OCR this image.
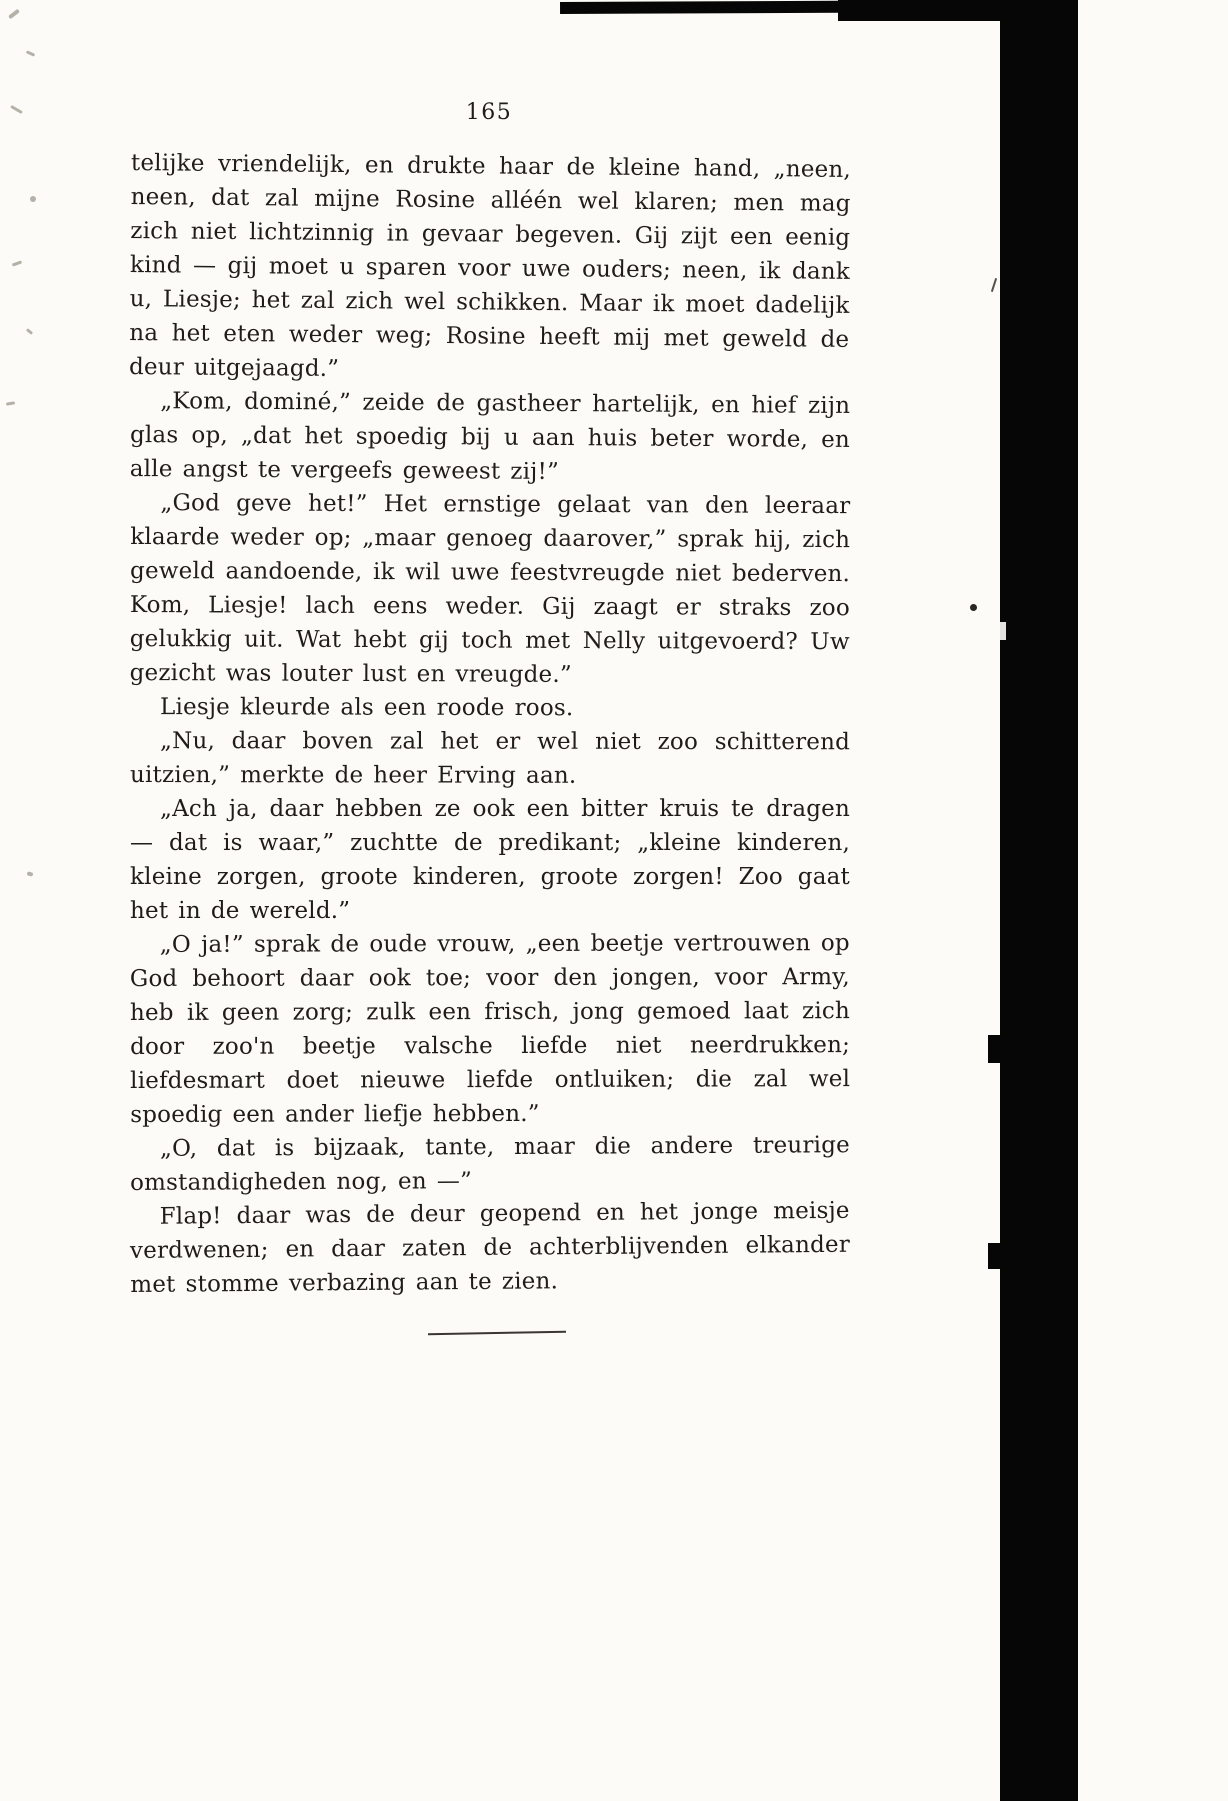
165

telijke vriendelijk, en drukte haar de kleine hand, „neen, neen, dat zal mijne Rosine alléén wel klaren; men mag zich niet lichtzinnig in gevaar begeven. Gij zijt een eenig kind — gij moet u sparen voor uwe ouders; neen, ik dank u, Liesje; het zal zich wel schikken. Maar ik moet dadelijk na het eten weder weg; Rosine heeft mij met geweld de deur uitgejaagd.”

„Kom, dominé,” zeide de gastheer hartelijk, en hief zijn glas op, „dat het spoedig bij u aan huis beter worde, en alle angst te vergeefs geweest zij!”

„God geve het!” Het ernstige gelaat van den leeraar klaarde weder op; „maar genoeg daarover,” sprak hij, zich geweld aandoende, ik wil uwe feestvreugde niet bederven. Kom, Liesje! lach eens weder. Gij zaagt er straks zoo gelukkig uit. Wat hebt gij toch met Nelly uitgevoerd? Uw gezicht was louter lust en vreugde.”

Liesje kleurde als een roode roos.

„Nu, daar boven zal het er wel niet zoo schitterend uitzien,” merkte de heer Erving aan.

„Ach ja, daar hebben ze ook een bitter kruis te dragen — dat is waar,” zuchtte de predikant; „kleine kinderen, kleine zorgen, groote kinderen, groote zorgen! Zoo gaat het in de wereld.”

„O ja!” sprak de oude vrouw, „een beetje vertrouwen op God behoort daar ook toe; voor den jongen, voor Army, heb ik geen zorg; zulk een frisch, jong gemoed laat zich door zoo'n beetje valsche liefde niet neerdrukken; liefdesmart doet nieuwe liefde ontluiken; die zal wel spoedig een ander liefje hebben.”

„O, dat is bijzaak, tante, maar die andere treurige omstandigheden nog, en —”

Flap! daar was de deur geopend en het jonge meisje verdwenen; en daar zaten de achterblijvenden elkander met stomme verbazing aan te zien.
